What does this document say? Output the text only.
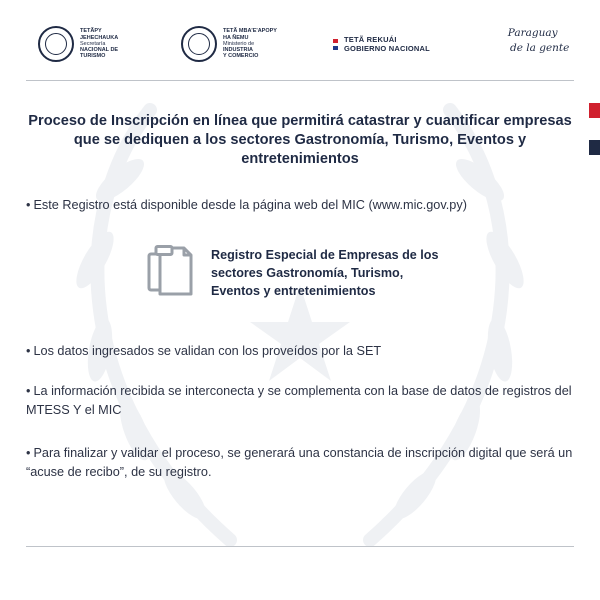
TETÃPY
JEHECHAUKA
Secretaría
NACIONAL DE
TURISMO
TETÃ MBA'E'APOPY
HA ÑEMU
Ministerio de
INDUSTRIA
Y COMERCIO
TETÃ REKUÁI
GOBIERNO NACIONAL
Paraguay
de la gente
Proceso de Inscripción en línea que permitirá catastrar y cuantificar empresas que se dediquen a los sectores Gastronomía, Turismo, Eventos y entretenimientos

• Este Registro está disponible desde la página web del MIC (www.mic.gov.py)

Registro Especial de Empresas de los
sectores Gastronomía, Turismo,
Eventos y entretenimientos

• Los datos ingresados se validan con los proveídos por la SET

• La información recibida se interconecta y se complementa con la base de datos de registros del MTESS Y el MIC

• Para finalizar y validar el proceso, se generará una constancia de inscripción digital que será un “acuse de recibo”, de su registro.
